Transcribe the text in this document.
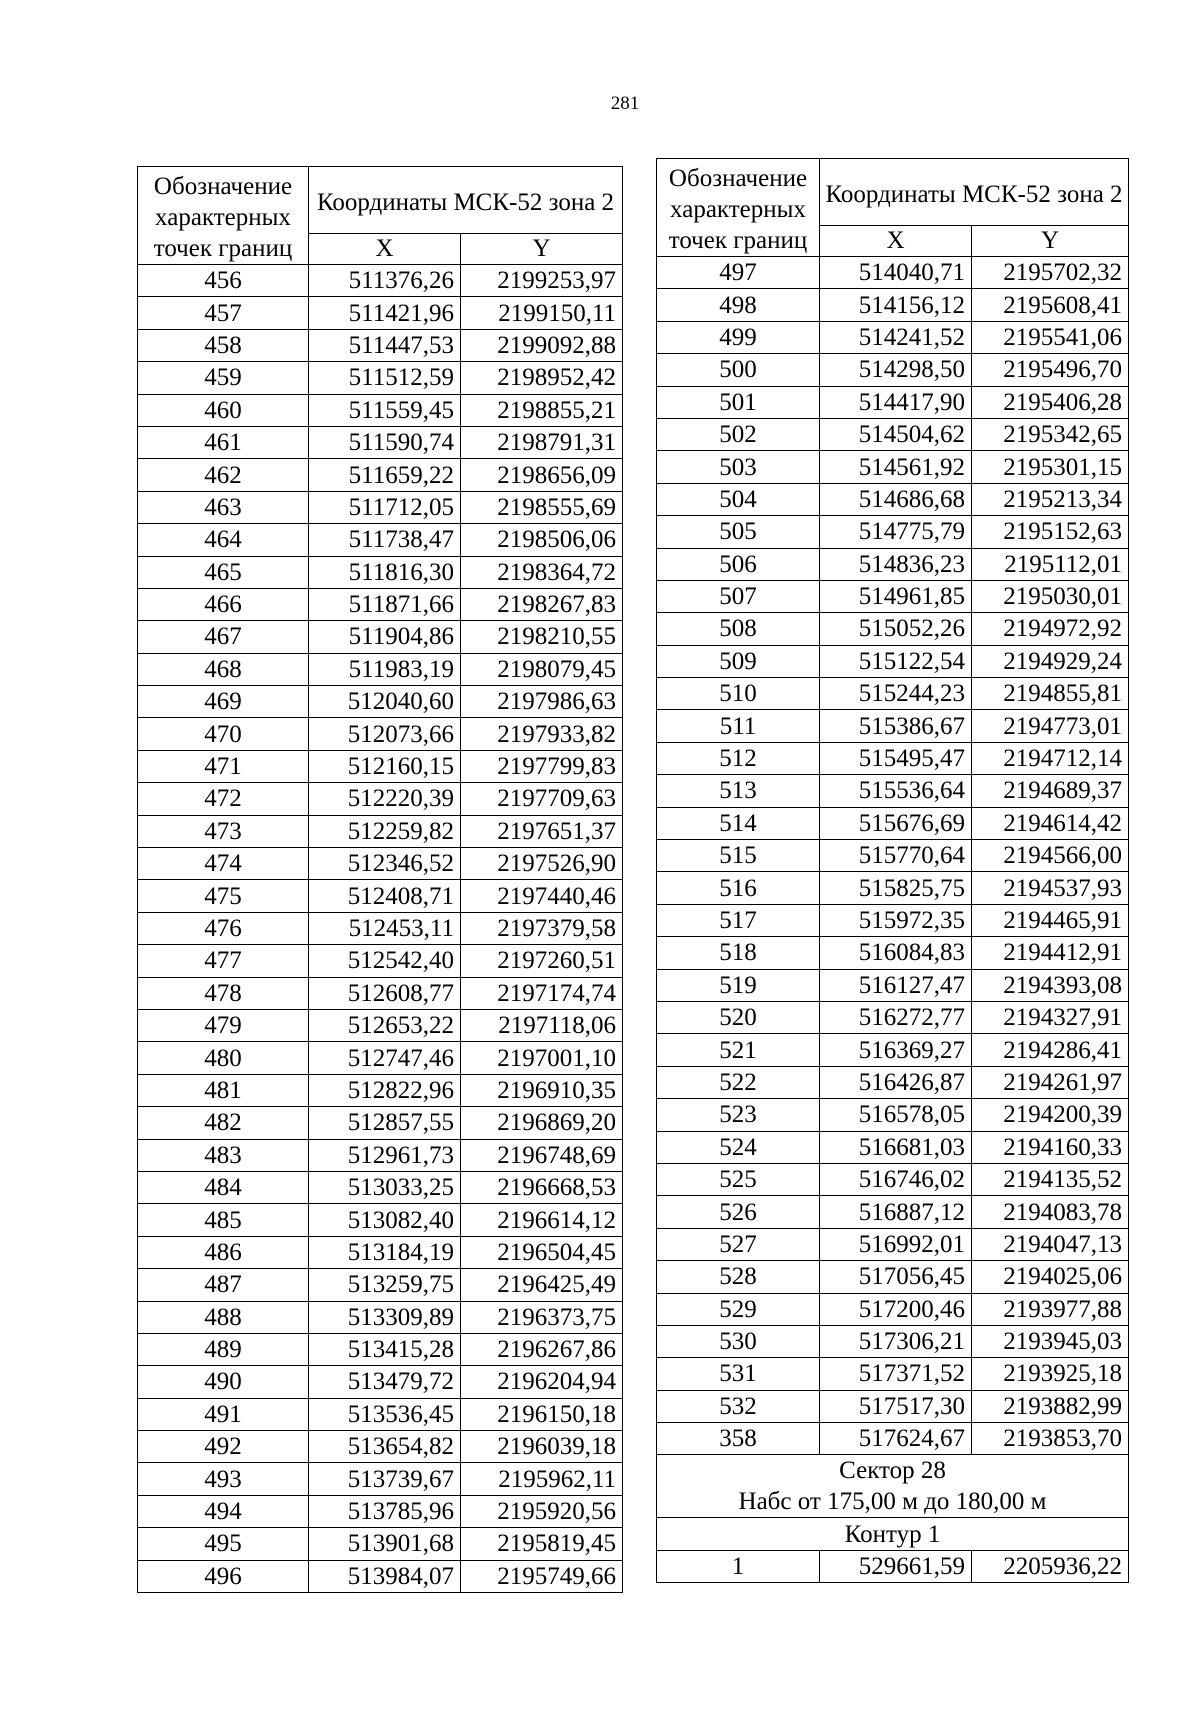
281
Обозначение характерных точек границ	Координаты МСК-52 зона 2	
	X	Y
456	511376,26	2199253,97
457	511421,96	2199150,11
458	511447,53	2199092,88
459	511512,59	2198952,42
460	511559,45	2198855,21
461	511590,74	2198791,31
462	511659,22	2198656,09
463	511712,05	2198555,69
464	511738,47	2198506,06
465	511816,30	2198364,72
466	511871,66	2198267,83
467	511904,86	2198210,55
468	511983,19	2198079,45
469	512040,60	2197986,63
470	512073,66	2197933,82
471	512160,15	2197799,83
472	512220,39	2197709,63
473	512259,82	2197651,37
474	512346,52	2197526,90
475	512408,71	2197440,46
476	512453,11	2197379,58
477	512542,40	2197260,51
478	512608,77	2197174,74
479	512653,22	2197118,06
480	512747,46	2197001,10
481	512822,96	2196910,35
482	512857,55	2196869,20
483	512961,73	2196748,69
484	513033,25	2196668,53
485	513082,40	2196614,12
486	513184,19	2196504,45
487	513259,75	2196425,49
488	513309,89	2196373,75
489	513415,28	2196267,86
490	513479,72	2196204,94
491	513536,45	2196150,18
492	513654,82	2196039,18
493	513739,67	2195962,11
494	513785,96	2195920,56
495	513901,68	2195819,45
496	513984,07	2195749,66
Обозначение характерных точек границ	Координаты МСК-52 зона 2	
	X	Y
497	514040,71	2195702,32
498	514156,12	2195608,41
499	514241,52	2195541,06
500	514298,50	2195496,70
501	514417,90	2195406,28
502	514504,62	2195342,65
503	514561,92	2195301,15
504	514686,68	2195213,34
505	514775,79	2195152,63
506	514836,23	2195112,01
507	514961,85	2195030,01
508	515052,26	2194972,92
509	515122,54	2194929,24
510	515244,23	2194855,81
511	515386,67	2194773,01
512	515495,47	2194712,14
513	515536,64	2194689,37
514	515676,69	2194614,42
515	515770,64	2194566,00
516	515825,75	2194537,93
517	515972,35	2194465,91
518	516084,83	2194412,91
519	516127,47	2194393,08
520	516272,77	2194327,91
521	516369,27	2194286,41
522	516426,87	2194261,97
523	516578,05	2194200,39
524	516681,03	2194160,33
525	516746,02	2194135,52
526	516887,12	2194083,78
527	516992,01	2194047,13
528	517056,45	2194025,06
529	517200,46	2193977,88
530	517306,21	2193945,03
531	517371,52	2193925,18
532	517517,30	2193882,99
358	517624,67	2193853,70

Сектор 28
Набс от 175,00 м до 180,00 м		

Контур 1		
1	529661,59	2205936,22
